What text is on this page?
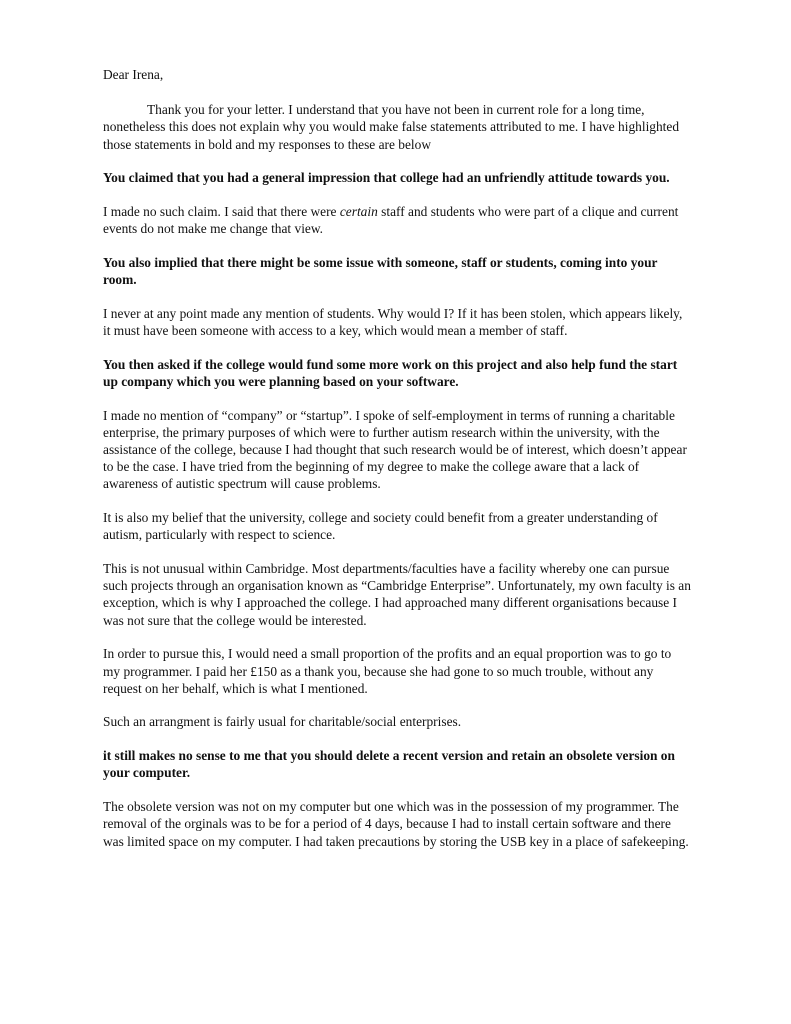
Dear Irena,

Thank you for your letter. I understand that you have not been in current role for a long time, nonetheless this does not explain why you would make false statements attributed to me. I have highlighted those statements in bold and my responses to these are below

You claimed that you had a general impression that college had an unfriendly attitude towards you.

I made no such claim. I said that there were certain staff and students who were part of a clique and current events do not make me change that view.

You also implied that there might be some issue with someone, staff or students, coming into your room.

I never at any point made any mention of students. Why would I? If it has been stolen, which appears likely, it must have been someone with access to a key, which would mean a member of staff.

You then asked if the college would fund some more work on this project and also help fund the start up company which you were planning based on your software.

I made no mention of “company” or “startup”. I spoke of self-employment in terms of running a charitable enterprise, the primary purposes of which were to further autism research within the university, with the assistance of the college, because I had thought that such research would be of interest, which doesn’t appear to be the case. I have tried from the beginning of my degree to make the college aware that a lack of awareness of autistic spectrum will cause problems.

It is also my belief that the university, college and society could benefit from a greater understanding of autism, particularly with respect to science.

This is not unusual within Cambridge. Most departments/faculties have a facility whereby one can pursue such projects through an organisation known as “Cambridge Enterprise”. Unfortunately, my own faculty is an exception, which is why I approached the college. I had approached many different organisations because I was not sure that the college would be interested.

In order to pursue this, I would need a small proportion of the profits and an equal proportion was to go to my programmer. I paid her £150 as a thank you, because she had gone to so much trouble, without any request on her behalf, which is what I mentioned.

Such an arrangment is fairly usual for charitable/social enterprises.

it still makes no sense to me that you should delete a recent version and retain an obsolete version on your computer.

The obsolete version was not on my computer but one which was in the possession of my programmer. The removal of the orginals was to be for a period of 4 days, because I had to install certain software and there was limited space on my computer. I had taken precautions by storing the USB key in a place of safekeeping.
